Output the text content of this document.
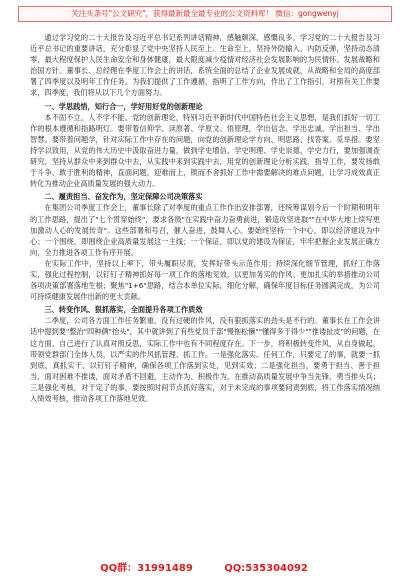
关注头条号"公文研究"，获得最新最全最专业的公文资料库！ 微信：gongwenyj

通过学习党的二十大报告及习近平总书记系列讲话精神，感触颇深，感慨良多。学习党的二十大报告及习近平总书记的重要讲话，充分彰显了党中央坚持人民至上、生命至上，坚持外防输入、内防反弹，坚持动态清零，最大程度保护人民生命安全和身体健康，最大限度减少疫情对经济社会发展影响的为民情怀、发展战略和治国方针。董事长、总经理在季度工作会上的讲话，系统全面的总结了企业发展成就，从战略和全局的高度部署了四季度以及明年工作任务，为我们提供了工作遵循，指明了工作方向，作出了工作指引，对照有关工作要求，四季度，我们将从以下几个方面努力。

一、学思践悟，知行合一，学好用好党的创新理论

本不固不立，人不学不能。党的创新理论，特别习近平新时代中国特色社会主义思想，是我们抓好一切工作的根本遵循和指路明灯。要带着信仰学、读原著、学原文、悟原理，学出信念、学出忠诚、学出担当、学出智慧。要带着问题学，针对实际工作中存在的问题，向党的创新理论学方向、明思路、找答案、觅举措。要坚持学以致用，从党的伟大历史中汲取奋进力量，做到学史增信、学史明理、学史崇德、学史力行，要加强调查研究，坚持从群众中来到群众中去，从实践中来到实践中去，用党的创新理论分析实践、指导工作，要发扬敢于斗争、敢于胜利的精神，直面问题，迎难而上，锲而不舍抓好工作中需要解决的难点问题，让学习成效真正转化为推动企业高质量发展的强大动力。

二、履责担当、奋发作为，坚定保障公司决策落实

在集团公司季度工作会上，董事长除了对季度的重点工作作出安排部署，还统筹谋划今后一个时期和明年的工作思路，提出了"七个贯穿始终"，要求各级"在实践中奋力奋勇前进，锻造攻坚进取""在中华大地上续写更加激动人心的发展传奇"。这些部署和号召，催人奋进，鼓舞人心。要始终坚持一个中心，即以经济建设为中心；一个围绕，即围绕企业高质量发展这一主线；一个保证，即以党的建设为保证，牢牢把握企业发展正确方向，全力推进各项工作有序开展。

在实际工作中，坚持以上率下，带头履职尽责，发挥好带头示范作用；持续深化细节管理，抓好工作落实，强化过程控制，以钉钉子精神抓好每一项工作的落地见效，以更加务实的作风、更加扎实的举措推动公司各项决策部署落地生根；聚焦"1+6"思路，结合本单位实际，细化分解，确保年度目标任务圆满完成，为公司可持续健康发展作出新的更大贡献。

三、转变作风、狠抓落实，全面提升各项工作质效

二季度，公司各方面工作任务繁重，没有过硬的作风，没有狠抓落实的劲头是不行的。董事长在工作会讲话中提到要"整治"四种俩"抬头"，其中就讲到了有些党员干部"慢拖松懒""懂得多干得少""推诿扯皮"的问题，在这方面，自己进行了认真对照反思，实际工作中也有不同程度存在。下一步，将积极转变作风，从自身做起，带领党群部门全体人员，以严实的作风抓管理、抓工作。一是强化落实。任何工作，只要定了的事，就要一抓到底，真抓实干，以钉钉子精神，确保各项工作落到实处，见到实效；二是强化担当，要勇于担当、善于担当，面对困难不推诿，面对矛盾不回避，主动作为、积极作为，在推动高质量发展中争当先锋、勇当排头兵；三是强化考核，对于定了的事，要按照时间节点抓好落实，对于未完成的事项要问责到底，将工作落实情况纳入绩效考核，推动各项工作落地见效。

QQ群：31991489	QQ:535304092
